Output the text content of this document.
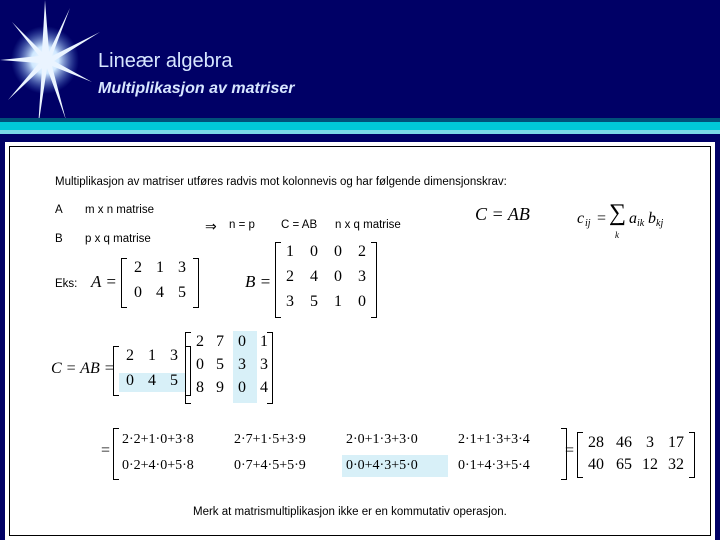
Lineær algebra
Multiplikasjon av matriser
Multiplikasjon av matriser utføres radvis mot kolonnevis og har følgende dimensjonskrav:
A m x n matrise
B p x q matrise
⇒ n = p C = AB n x q matrise
C = AB	c ij = ∑
k
a ik b kj
Eks: A =
2 1 3
0 4 5
B =
1	0	0	2
2	4	0	3
3	5	1	0
C = AB =
2 1 3
0 4 5
2 7 0 1
0 5 3 3
8 9 0 4
=
2·2+1·0+3·8	2·7+1·5+3·9	2·0+1·3+3·0	2·1+1·3+3·4
0·2+4·0+5·8	0·7+4·5+5·9	0·0+4·3+5·0	0·1+4·3+5·4
= 28 46 3 17
40 65 12 32
Merk at matrismultiplikasjon ikke er en kommutativ operasjon.
